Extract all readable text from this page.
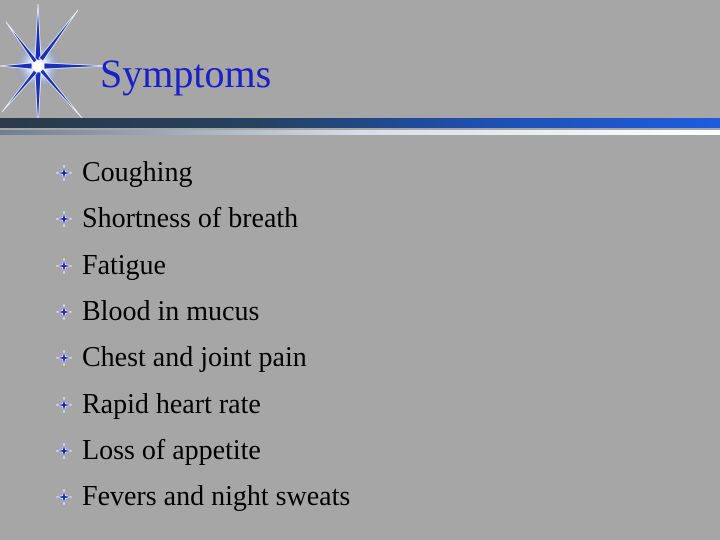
Symptoms
Coughing
Shortness of breath
Fatigue
Blood in mucus
Chest and joint pain
Rapid heart rate
Loss of appetite
Fevers and night sweats
